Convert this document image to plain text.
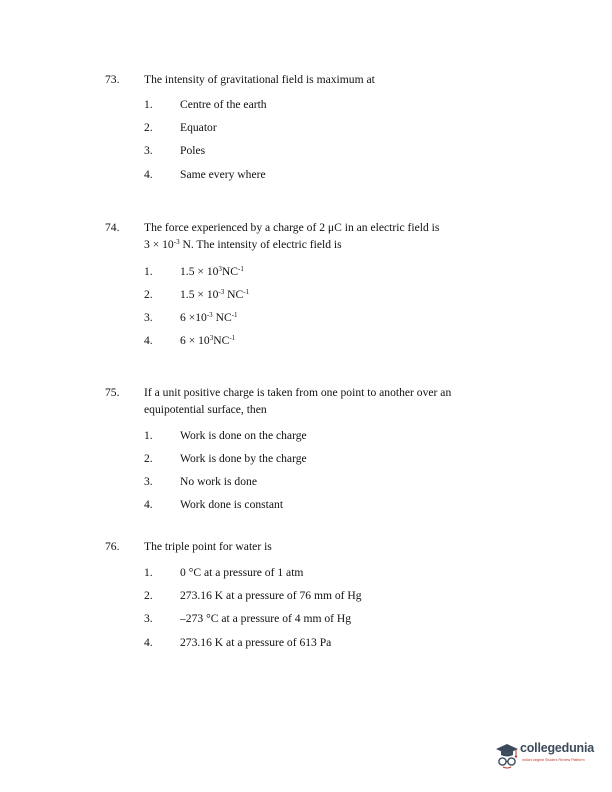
73. The intensity of gravitational field is maximum at
1. Centre of the earth
2. Equator
3. Poles
4. Same every where
74. The force experienced by a charge of 2 μC in an electric field is
$3 \times 10^{-3}$ N. The intensity of electric field is
1. $1.5 \times 10^3NC^{-1}$
2. $1.5 \times 10^{-3}$ $NC^{-1}$
3. $6 \times 10^{-3}$ $NC^{-1}$
4. $6 \times 10^3NC^{-1}$
75. If a unit positive charge is taken from one point to another over an
equipotential surface, then
1. Work is done on the charge
2. Work is done by the charge
3. No work is done
4. Work done is constant
76. The triple point for water is
1. 0 °C at a pressure of 1 atm
2. 273.16 K at a pressure of 76 mm of Hg
3. –273 °C at a pressure of 4 mm of Hg
4. 273.16 K at a pressure of 613 Pa
collegedunia
India's largest Student Review Platform
